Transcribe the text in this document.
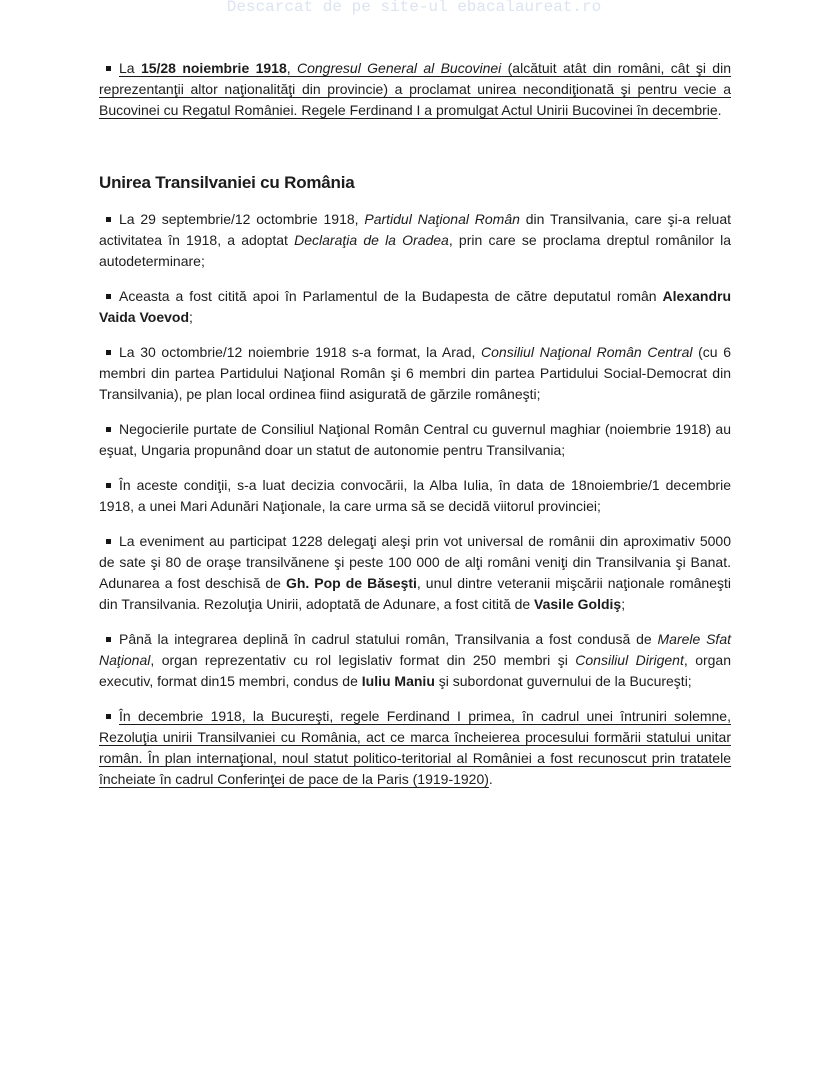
Descarcat de pe site-ul ebacalaureat.ro

La 15/28 noiembrie 1918, Congresul General al Bucovinei (alcătuit atât din români, cât şi din reprezentanţii altor naţionalităţi din provincie) a proclamat unirea necondiţionată şi pentru vecie a Bucovinei cu Regatul României. Regele Ferdinand I a promulgat Actul Unirii Bucovinei în decembrie.

Unirea Transilvaniei cu România

La 29 septembrie/12 octombrie 1918, Partidul Naţional Român din Transilvania, care şi-a reluat activitatea în 1918, a adoptat Declaraţia de la Oradea, prin care se proclama dreptul românilor la autodeterminare;

Aceasta a fost citită apoi în Parlamentul de la Budapesta de către deputatul român Alexandru Vaida Voevod;

La 30 octombrie/12 noiembrie 1918 s-a format, la Arad, Consiliul Naţional Român Central (cu 6 membri din partea Partidului Naţional Român şi 6 membri din partea Partidului Social-Democrat din Transilvania), pe plan local ordinea fiind asigurată de gărzile româneşti;

Negocierile purtate de Consiliul Naţional Român Central cu guvernul maghiar (noiembrie 1918) au eşuat, Ungaria propunând doar un statut de autonomie pentru Transilvania;

În aceste condiţii, s-a luat decizia convocării, la Alba Iulia, în data de 18noiembrie/1 decembrie 1918, a unei Mari Adunări Naţionale, la care urma să se decidă viitorul provinciei;

La eveniment au participat 1228 delegaţi aleşi prin vot universal de românii din aproximativ 5000 de sate şi 80 de oraşe transilvănene şi peste 100 000 de alţi români veniţi din Transilvania şi Banat. Adunarea a fost deschisă de Gh. Pop de Băseşti, unul dintre veteranii mişcării naţionale româneşti din Transilvania. Rezoluţia Unirii, adoptată de Adunare, a fost citită de Vasile Goldiş;

Până la integrarea deplină în cadrul statului român, Transilvania a fost condusă de Marele Sfat Naţional, organ reprezentativ cu rol legislativ format din 250 membri şi Consiliul Dirigent, organ executiv, format din15 membri, condus de Iuliu Maniu şi subordonat guvernului de la Bucureşti;

În decembrie 1918, la Bucureşti, regele Ferdinand I primea, în cadrul unei întruniri solemne, Rezoluţia unirii Transilvaniei cu România, act ce marca încheierea procesului formării statului unitar român. În plan internaţional, noul statut politico-teritorial al României a fost recunoscut prin tratatele încheiate în cadrul Conferinţei de pace de la Paris (1919-1920).
